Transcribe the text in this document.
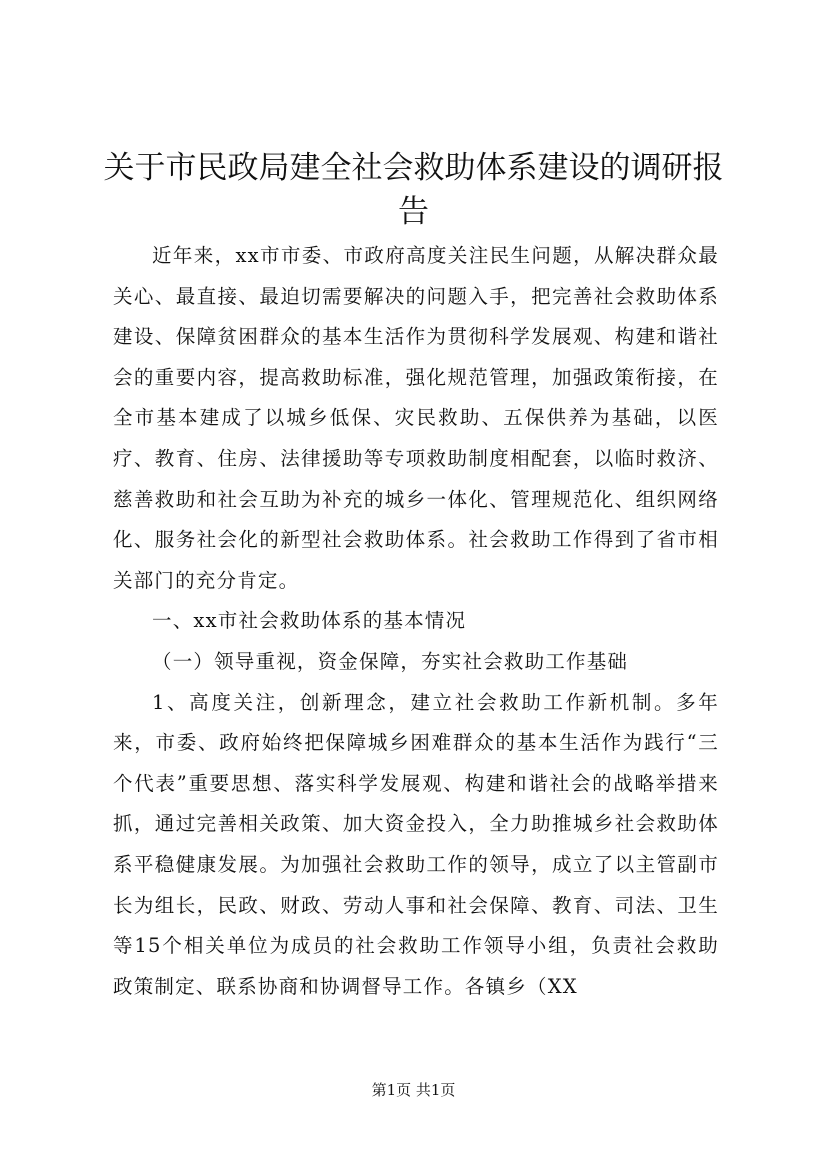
关于市民政局建全社会救助体系建设的调研报告

近年来，xx市市委、市政府高度关注民生问题，从解决群众最关心、最直接、最迫切需要解决的问题入手，把完善社会救助体系建设、保障贫困群众的基本生活作为贯彻科学发展观、构建和谐社会的重要内容，提高救助标准，强化规范管理，加强政策衔接，在全市基本建成了以城乡低保、灾民救助、五保供养为基础，以医疗、教育、住房、法律援助等专项救助制度相配套，以临时救济、慈善救助和社会互助为补充的城乡一体化、管理规范化、组织网络化、服务社会化的新型社会救助体系。社会救助工作得到了省市相关部门的充分肯定。

一、xx市社会救助体系的基本情况

（一）领导重视，资金保障，夯实社会救助工作基础

1、高度关注，创新理念，建立社会救助工作新机制。多年来，市委、政府始终把保障城乡困难群众的基本生活作为践行“三个代表”重要思想、落实科学发展观、构建和谐社会的战略举措来抓，通过完善相关政策、加大资金投入，全力助推城乡社会救助体系平稳健康发展。为加强社会救助工作的领导，成立了以主管副市长为组长，民政、财政、劳动人事和社会保障、教育、司法、卫生等15个相关单位为成员的社会救助工作领导小组，负责社会救助政策制定、联系协商和协调督导工作。各镇乡（XX

第1页 共1页
